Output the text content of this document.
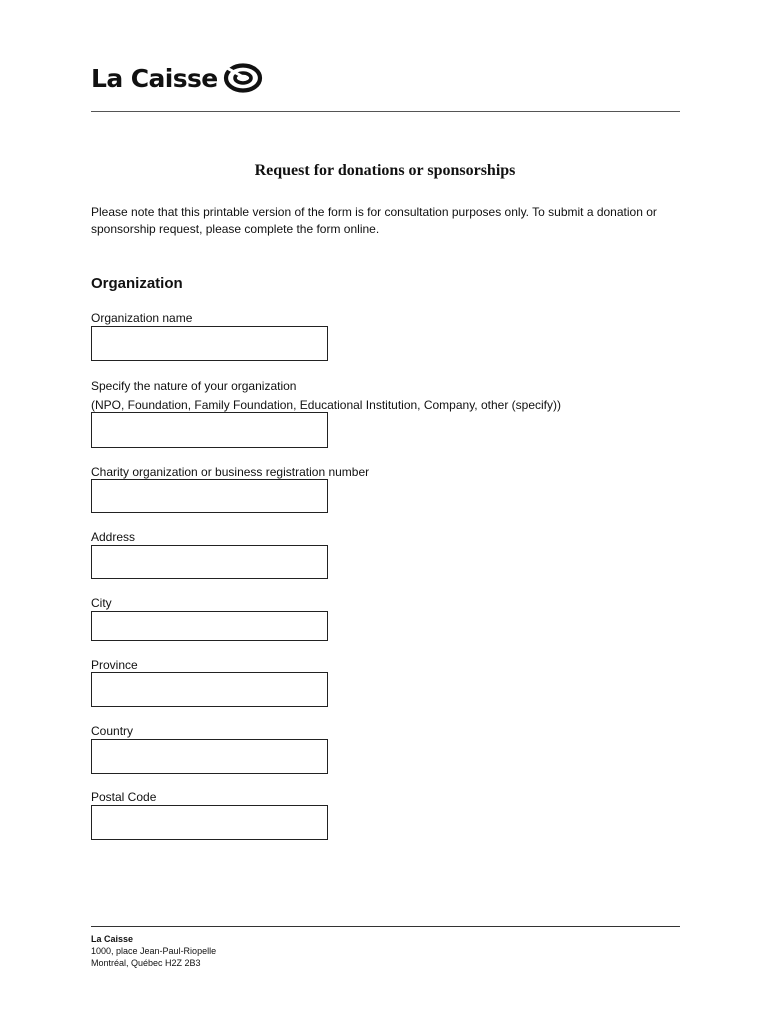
La Caisse
Request for donations or sponsorships
Please note that this printable version of the form is for consultation purposes only. To submit a donation or sponsorship request, please complete the form online.
Organization
Organization name
Specify the nature of your organization
(NPO, Foundation, Family Foundation, Educational Institution, Company, other (specify))
Charity organization or business registration number
Address
City
Province
Country
Postal Code
La Caisse
1000, place Jean-Paul-Riopelle
Montréal, Québec H2Z 2B3
